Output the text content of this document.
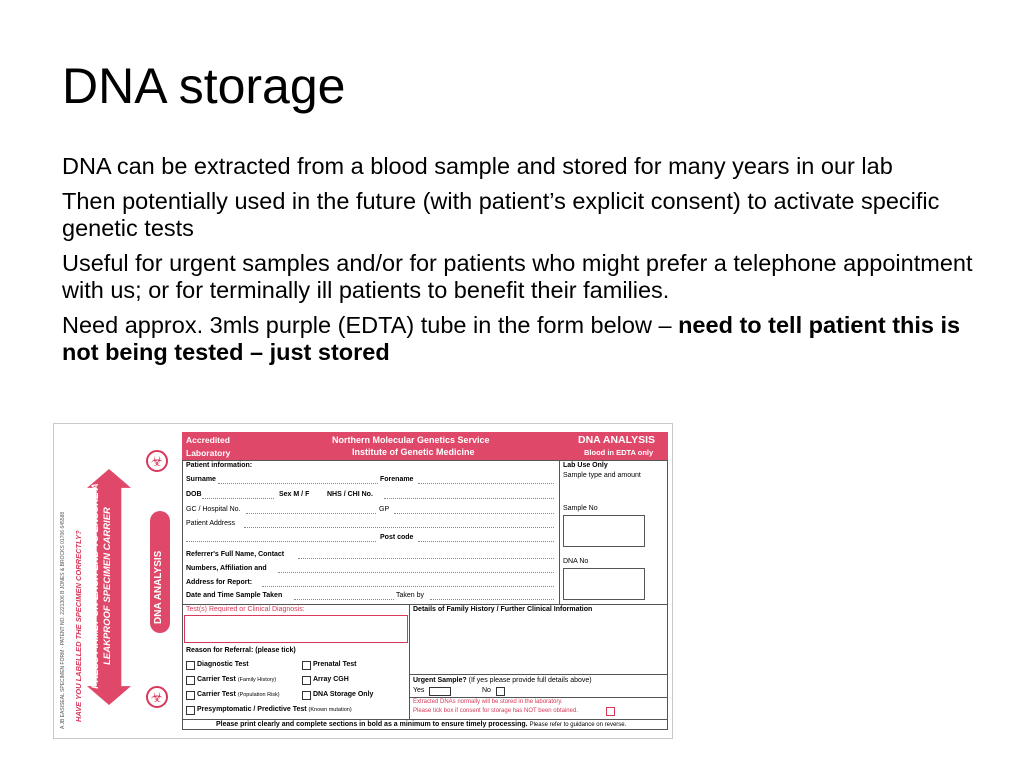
DNA storage

DNA can be extracted from a blood sample and stored for many years in our lab

Then potentially used in the future (with patient’s explicit consent) to activate specific genetic tests

Useful for urgent samples and/or for patients who might prefer a telephone appointment with us; or for terminally ill patients to benefit their families.

Need approx. 3mls purple (EDTA) tube in the form below – need to tell patient this is not being tested – just stored

A JB EASISEAL SPECIMEN FORM - PATENT NO. 2221306 B JONES & BROCKS 01706 645588 HAVE YOU LABELLED THE SPECIMEN CORRECTLY? PRESS FIRMLY ON EACH END TO ENSURE A LEAKPROOF SPECIMEN CARRIER
☣
☣
DNA ANALYSIS
Accredited
Laboratory
Northern Molecular Genetics Service
Institute of Genetic Medicine
DNA ANALYSIS
Blood in EDTA only
Patient information:
Surname	Forename
DOB	Sex M / F	NHS / CHI No.
GC / Hospital No.	GP
Patient Address
Post code
Referrer's Full Name, Contact
Numbers, Affiliation and
Address for Report:
Date and Time Sample Taken	Taken by
Lab Use Only
Sample type and amount
Sample No
DNA No
Test(s) Required or Clinical Diagnosis:
Reason for Referral: (please tick)
Diagnostic Test	Prenatal Test
Carrier Test (Family History)	Array CGH
Carrier Test (Population Risk)	DNA Storage Only
Presymptomatic / Predictive Test (Known mutation)
Details of Family History / Further Clinical Information
Urgent Sample? (If yes please provide full details above)
Yes	No
Extracted DNAs normally will be stored in the laboratory.
Please tick box if consent for storage has NOT been obtained.
Please print clearly and complete sections in bold as a minimum to ensure timely processing. Please refer to guidance on reverse.
